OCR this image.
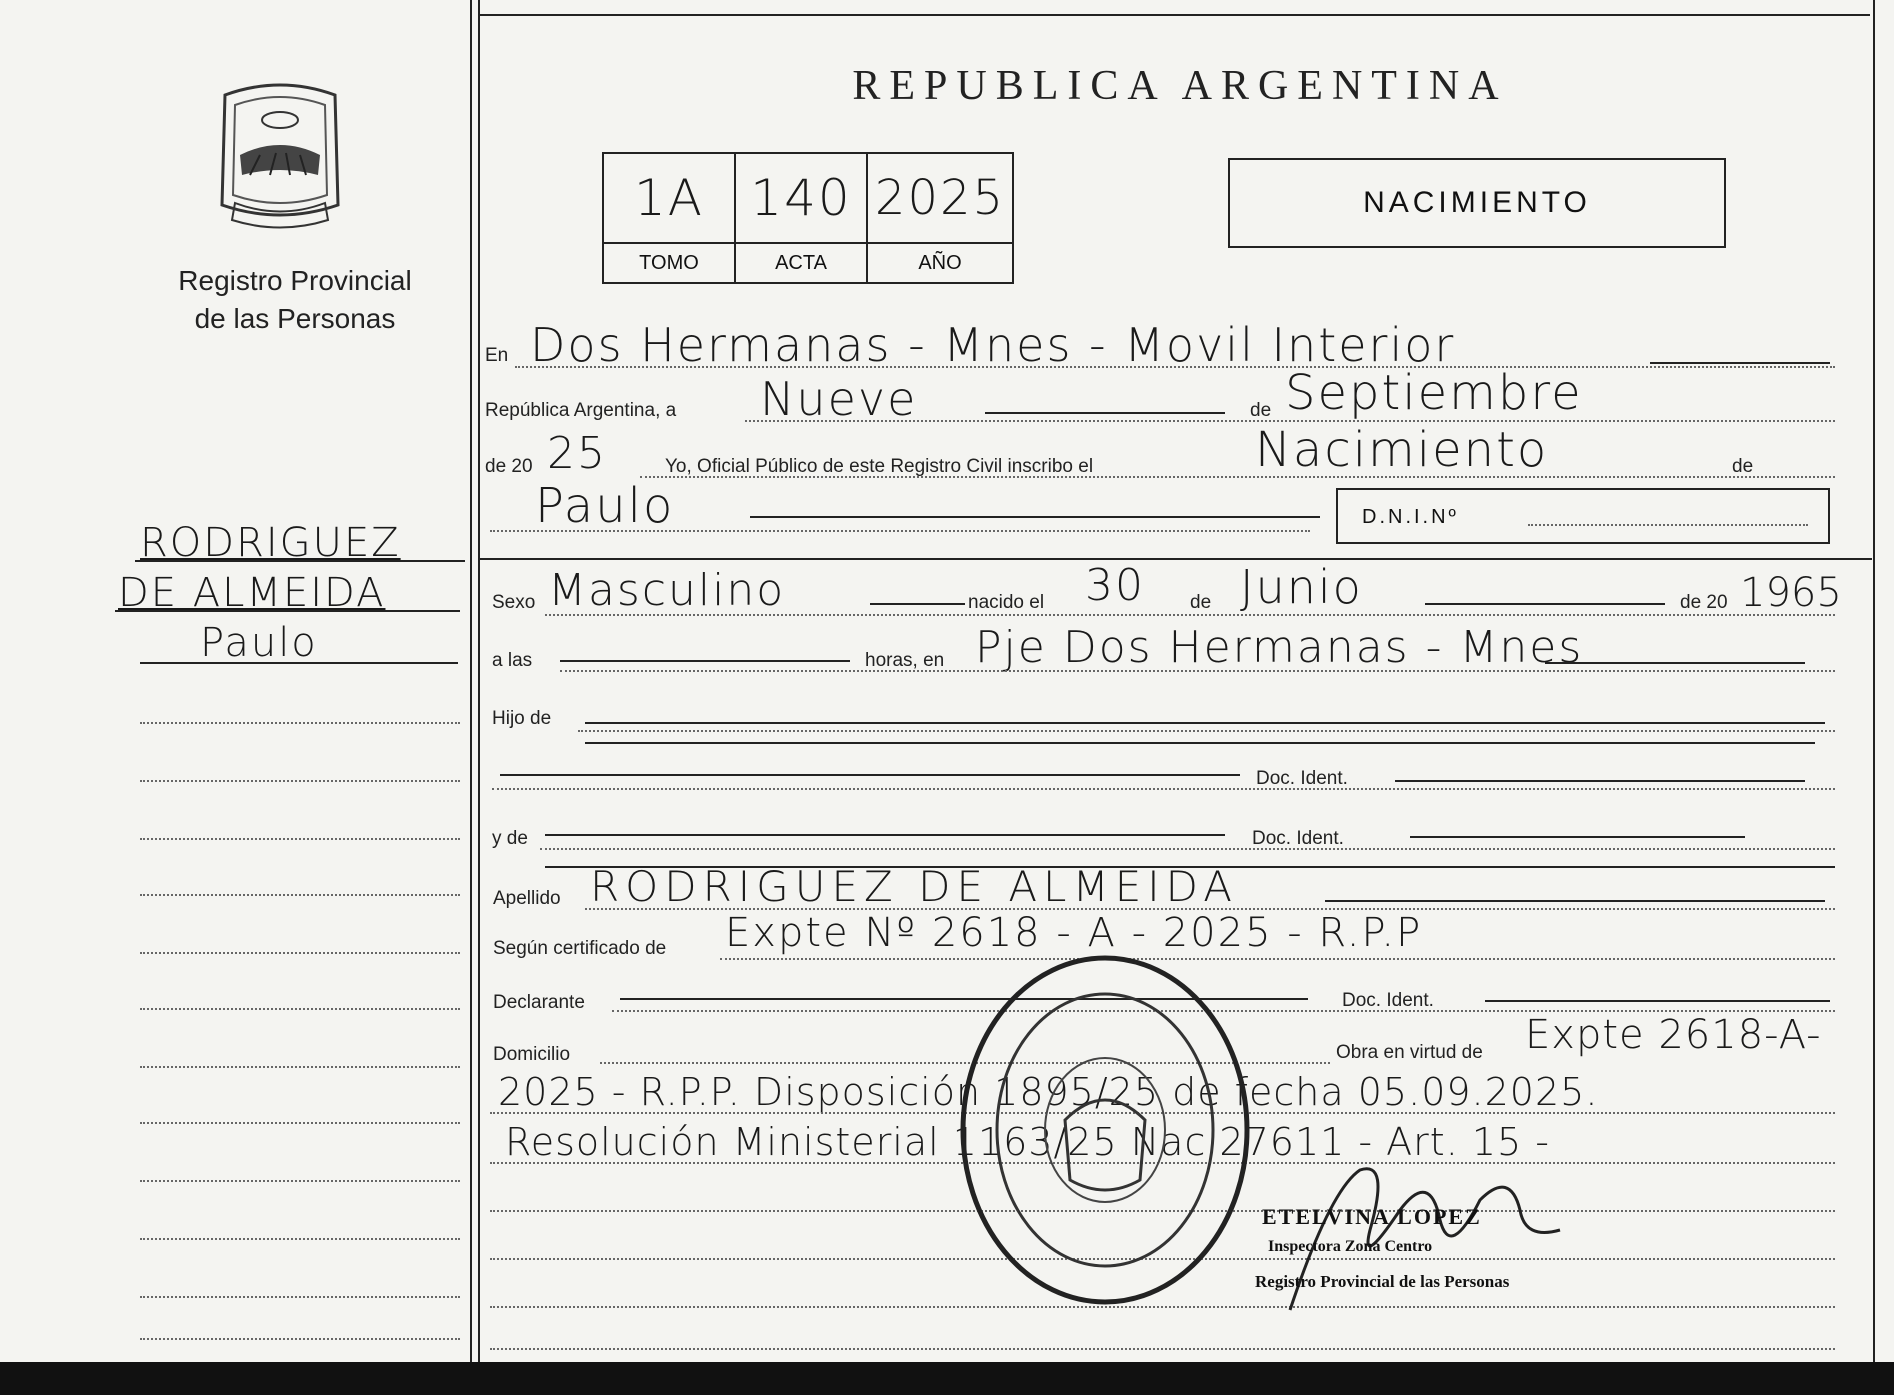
Registro Provincial de las Personas
REPUBLICA ARGENTINA
1A 140 2025
TOMO	ACTA	AÑO
NACIMIENTO
RODRIGUEZ
DE ALMEIDA
Paulo
En Dos Hermanas - Mnes - Movil Interior
República Argentina, a Nueve	de Septiembre
de 20 25	Yo, Oficial Público de este Registro Civil inscribo el	Nacimiento	de
Paulo	D.N.I.Nº
Sexo Masculino	nacido el 30 de Junio	de 20 1965
a las	horas, en Pje Dos Hermanas - Mnes
Hijo de
Doc. Ident.
y de	Doc. Ident.
Apellido RODRIGUEZ DE ALMEIDA
Según certificado de Expte Nº 2618 - A - 2025 - R.P.P
Declarante	Doc. Ident.
Domicilio	Obra en virtud de Expte 2618-A-
2025 - R.P.P. Disposición 1895/25 de fecha 05.09.2025.
Resolución Ministerial 1163/25 Nac 27611 - Art. 15 -
ETELVINA LOPEZ
Inspectora Zona Centro
Registro Provincial de las Personas
